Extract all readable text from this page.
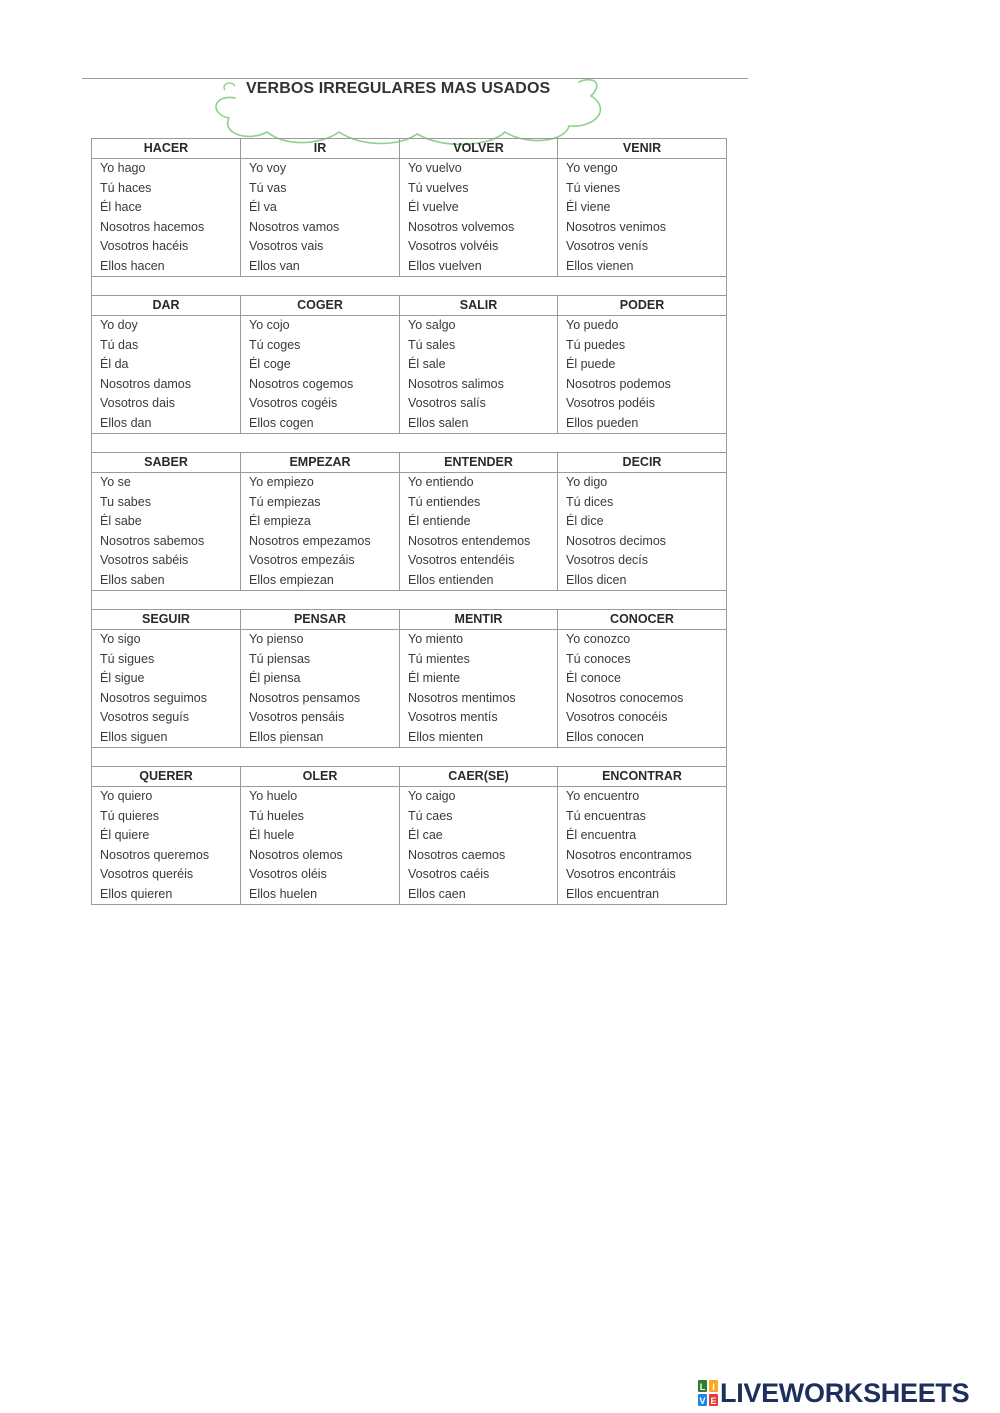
VERBOS IRREGULARES MAS USADOS
HACER	IR	VOLVER	VENIR
Yo hago	Yo voy	Yo vuelvo	Yo vengo
Tú haces	Tú vas	Tú vuelves	Tú vienes
Él hace	Él va	Él vuelve	Él viene
Nosotros hacemos	Nosotros vamos	Nosotros volvemos	Nosotros venimos
Vosotros hacéis	Vosotros vais	Vosotros volvéis	Vosotros venís
Ellos hacen	Ellos van	Ellos vuelven	Ellos vienen

DAR	COGER	SALIR	PODER
Yo doy	Yo cojo	Yo salgo	Yo puedo
Tú das	Tú coges	Tú sales	Tú puedes
Él da	Él coge	Él sale	Él puede
Nosotros damos	Nosotros cogemos	Nosotros salimos	Nosotros podemos
Vosotros dais	Vosotros cogéis	Vosotros salís	Vosotros podéis
Ellos dan	Ellos cogen	Ellos salen	Ellos pueden

SABER	EMPEZAR	ENTENDER	DECIR
Yo se	Yo empiezo	Yo entiendo	Yo digo
Tu sabes	Tú empiezas	Tú entiendes	Tú dices
Él sabe	Él empieza	Él entiende	Él dice
Nosotros sabemos	Nosotros empezamos	Nosotros entendemos	Nosotros decimos
Vosotros sabéis	Vosotros empezáis	Vosotros entendéis	Vosotros decís
Ellos saben	Ellos empiezan	Ellos entienden	Ellos dicen

SEGUIR	PENSAR	MENTIR	CONOCER
Yo sigo	Yo pienso	Yo miento	Yo conozco
Tú sigues	Tú piensas	Tú mientes	Tú conoces
Él sigue	Él piensa	Él miente	Él conoce
Nosotros seguimos	Nosotros pensamos	Nosotros mentimos	Nosotros conocemos
Vosotros seguís	Vosotros pensáis	Vosotros mentís	Vosotros conocéis
Ellos siguen	Ellos piensan	Ellos mienten	Ellos conocen

QUERER	OLER	CAER(SE)	ENCONTRAR
Yo quiero	Yo huelo	Yo caigo	Yo encuentro
Tú quieres	Tú hueles	Tú caes	Tú encuentras
Él quiere	Él huele	Él cae	Él encuentra
Nosotros queremos	Nosotros olemos	Nosotros caemos	Nosotros encontramos
Vosotros queréis	Vosotros oléis	Vosotros caéis	Vosotros encontráis
Ellos quieren	Ellos huelen	Ellos caen	Ellos encuentran
L I
V E LIVEWORKSHEETS
